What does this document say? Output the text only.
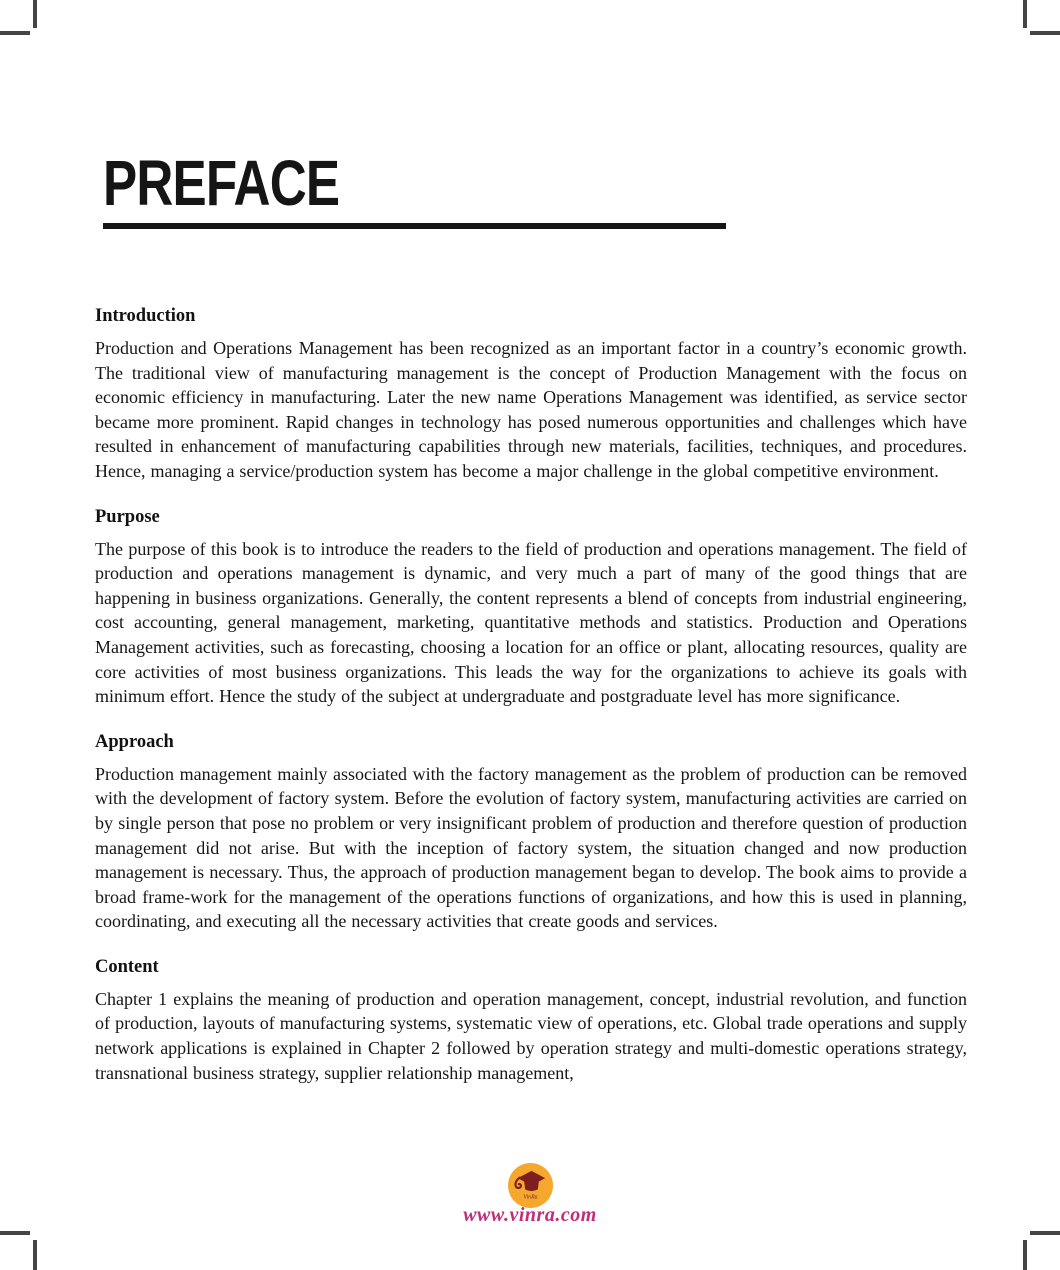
PREFACE
Introduction

Production and Operations Management has been recognized as an important factor in a country’s economic growth. The traditional view of manufacturing management is the concept of Production Management with the focus on economic efficiency in manufacturing. Later the new name Operations Management was identified, as service sector became more prominent. Rapid changes in technology has posed numerous opportunities and challenges which have resulted in enhancement of manufacturing capabilities through new materials, facilities, techniques, and procedures. Hence, managing a service/production system has become a major challenge in the global competitive environment.

Purpose

The purpose of this book is to introduce the readers to the field of production and operations management. The field of production and operations management is dynamic, and very much a part of many of the good things that are happening in business organizations. Generally, the content represents a blend of concepts from industrial engineering, cost accounting, general management, marketing, quantitative methods and statistics. Production and Operations Management activities, such as forecasting, choosing a location for an office or plant, allocating resources, quality are core activities of most business organizations. This leads the way for the organizations to achieve its goals with minimum effort. Hence the study of the subject at undergraduate and postgraduate level has more significance.

Approach

Production management mainly associated with the factory management as the problem of production can be removed with the development of factory system. Before the evolution of factory system, manufacturing activities are carried on by single person that pose no problem or very insignificant problem of production and therefore question of production management did not arise. But with the inception of factory system, the situation changed and now production management is necessary. Thus, the approach of production management began to develop. The book aims to provide a broad frame-work for the management of the operations functions of organizations, and how this is used in planning, coordinating, and executing all the necessary activities that create goods and services.

Content

Chapter 1 explains the meaning of production and operation management, concept, industrial revolution, and function of production, layouts of manufacturing systems, systematic view of operations, etc. Global trade operations and supply network applications is explained in Chapter 2 followed by operation strategy and multi-domestic operations strategy, transnational business strategy, supplier relationship management,

VinRa
www.vinra.com
